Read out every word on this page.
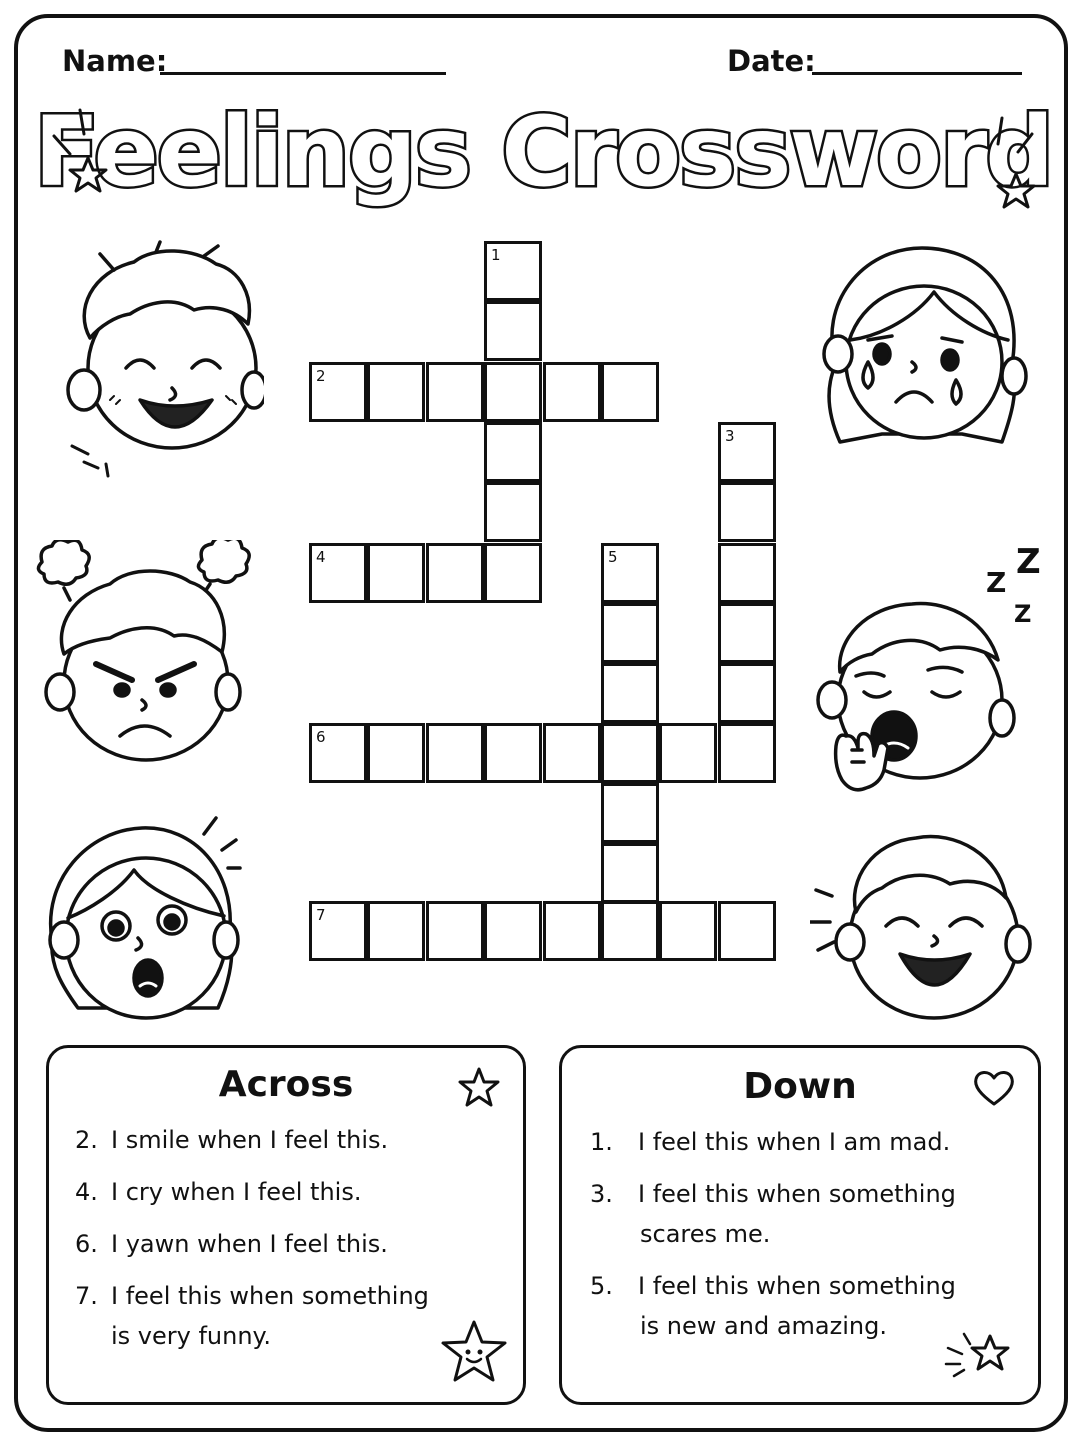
Name:	Date:
Feelings Crossword
1
2
4
3
5
6
7
Z
Z
Z
Across
2. I smile when I feel this.
4. I cry when I feel this.
6. I yawn when I feel this.
7. I feel this when something
is very funny.
Down
1. I feel this when I am mad.
3. I feel this when something
scares me.
5. I feel this when something
is new and amazing.
